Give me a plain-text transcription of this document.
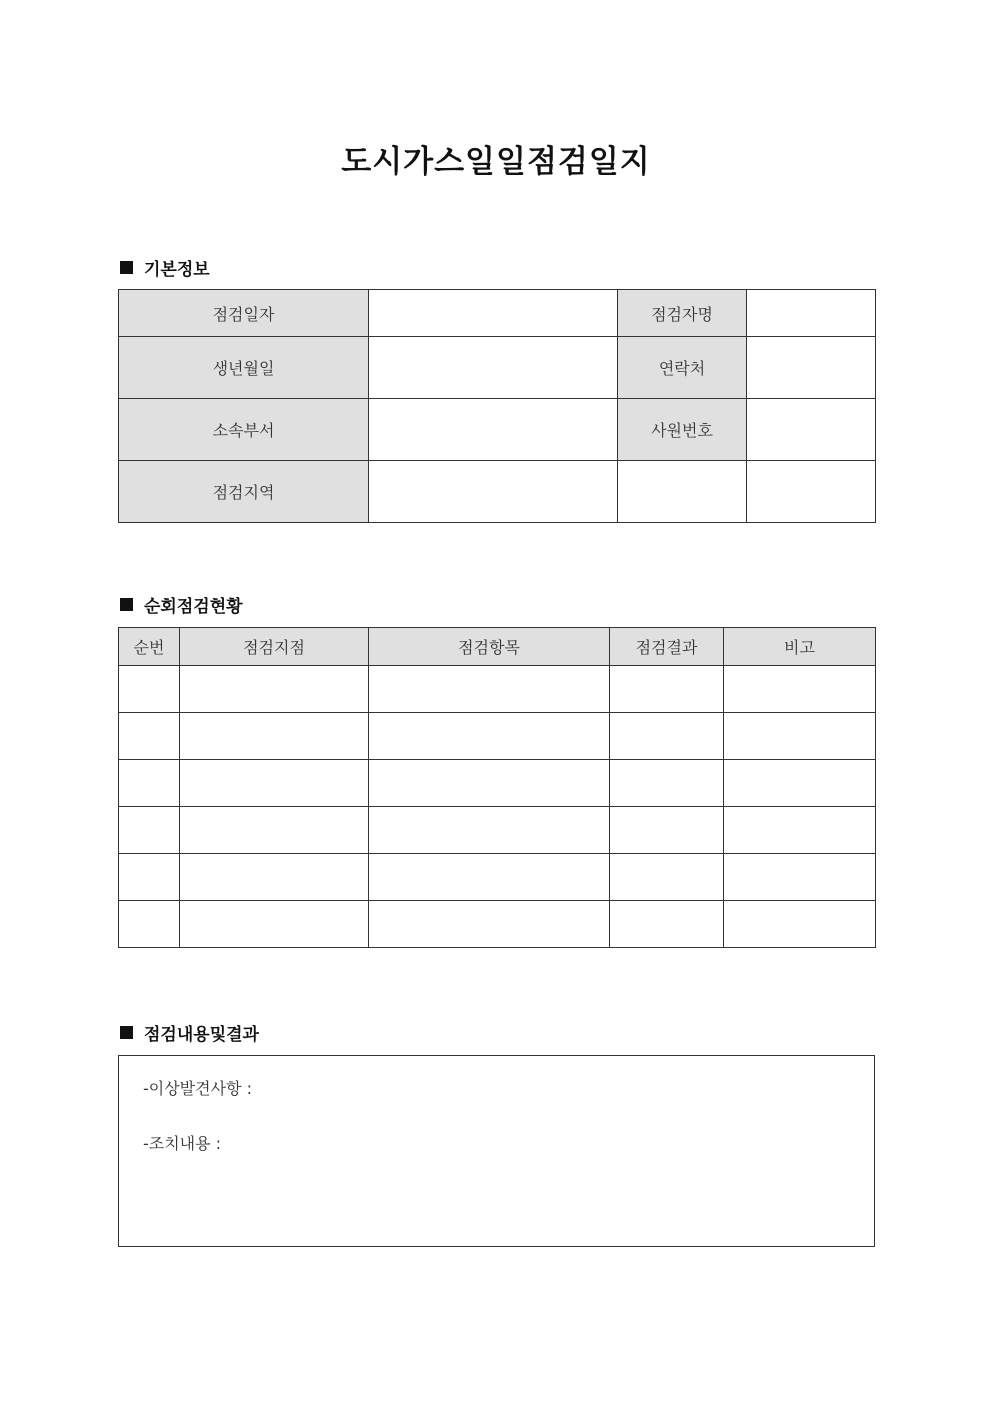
도시가스일일점검일지
기본정보
점검일자		점검자명	
생년월일		연락처	
소속부서		사원번호	
점검지역			
순회점검현황
순번	점검지점	점검항목	점검결과	비고

점검내용및결과
-이상발견사항 :
-조치내용 :
